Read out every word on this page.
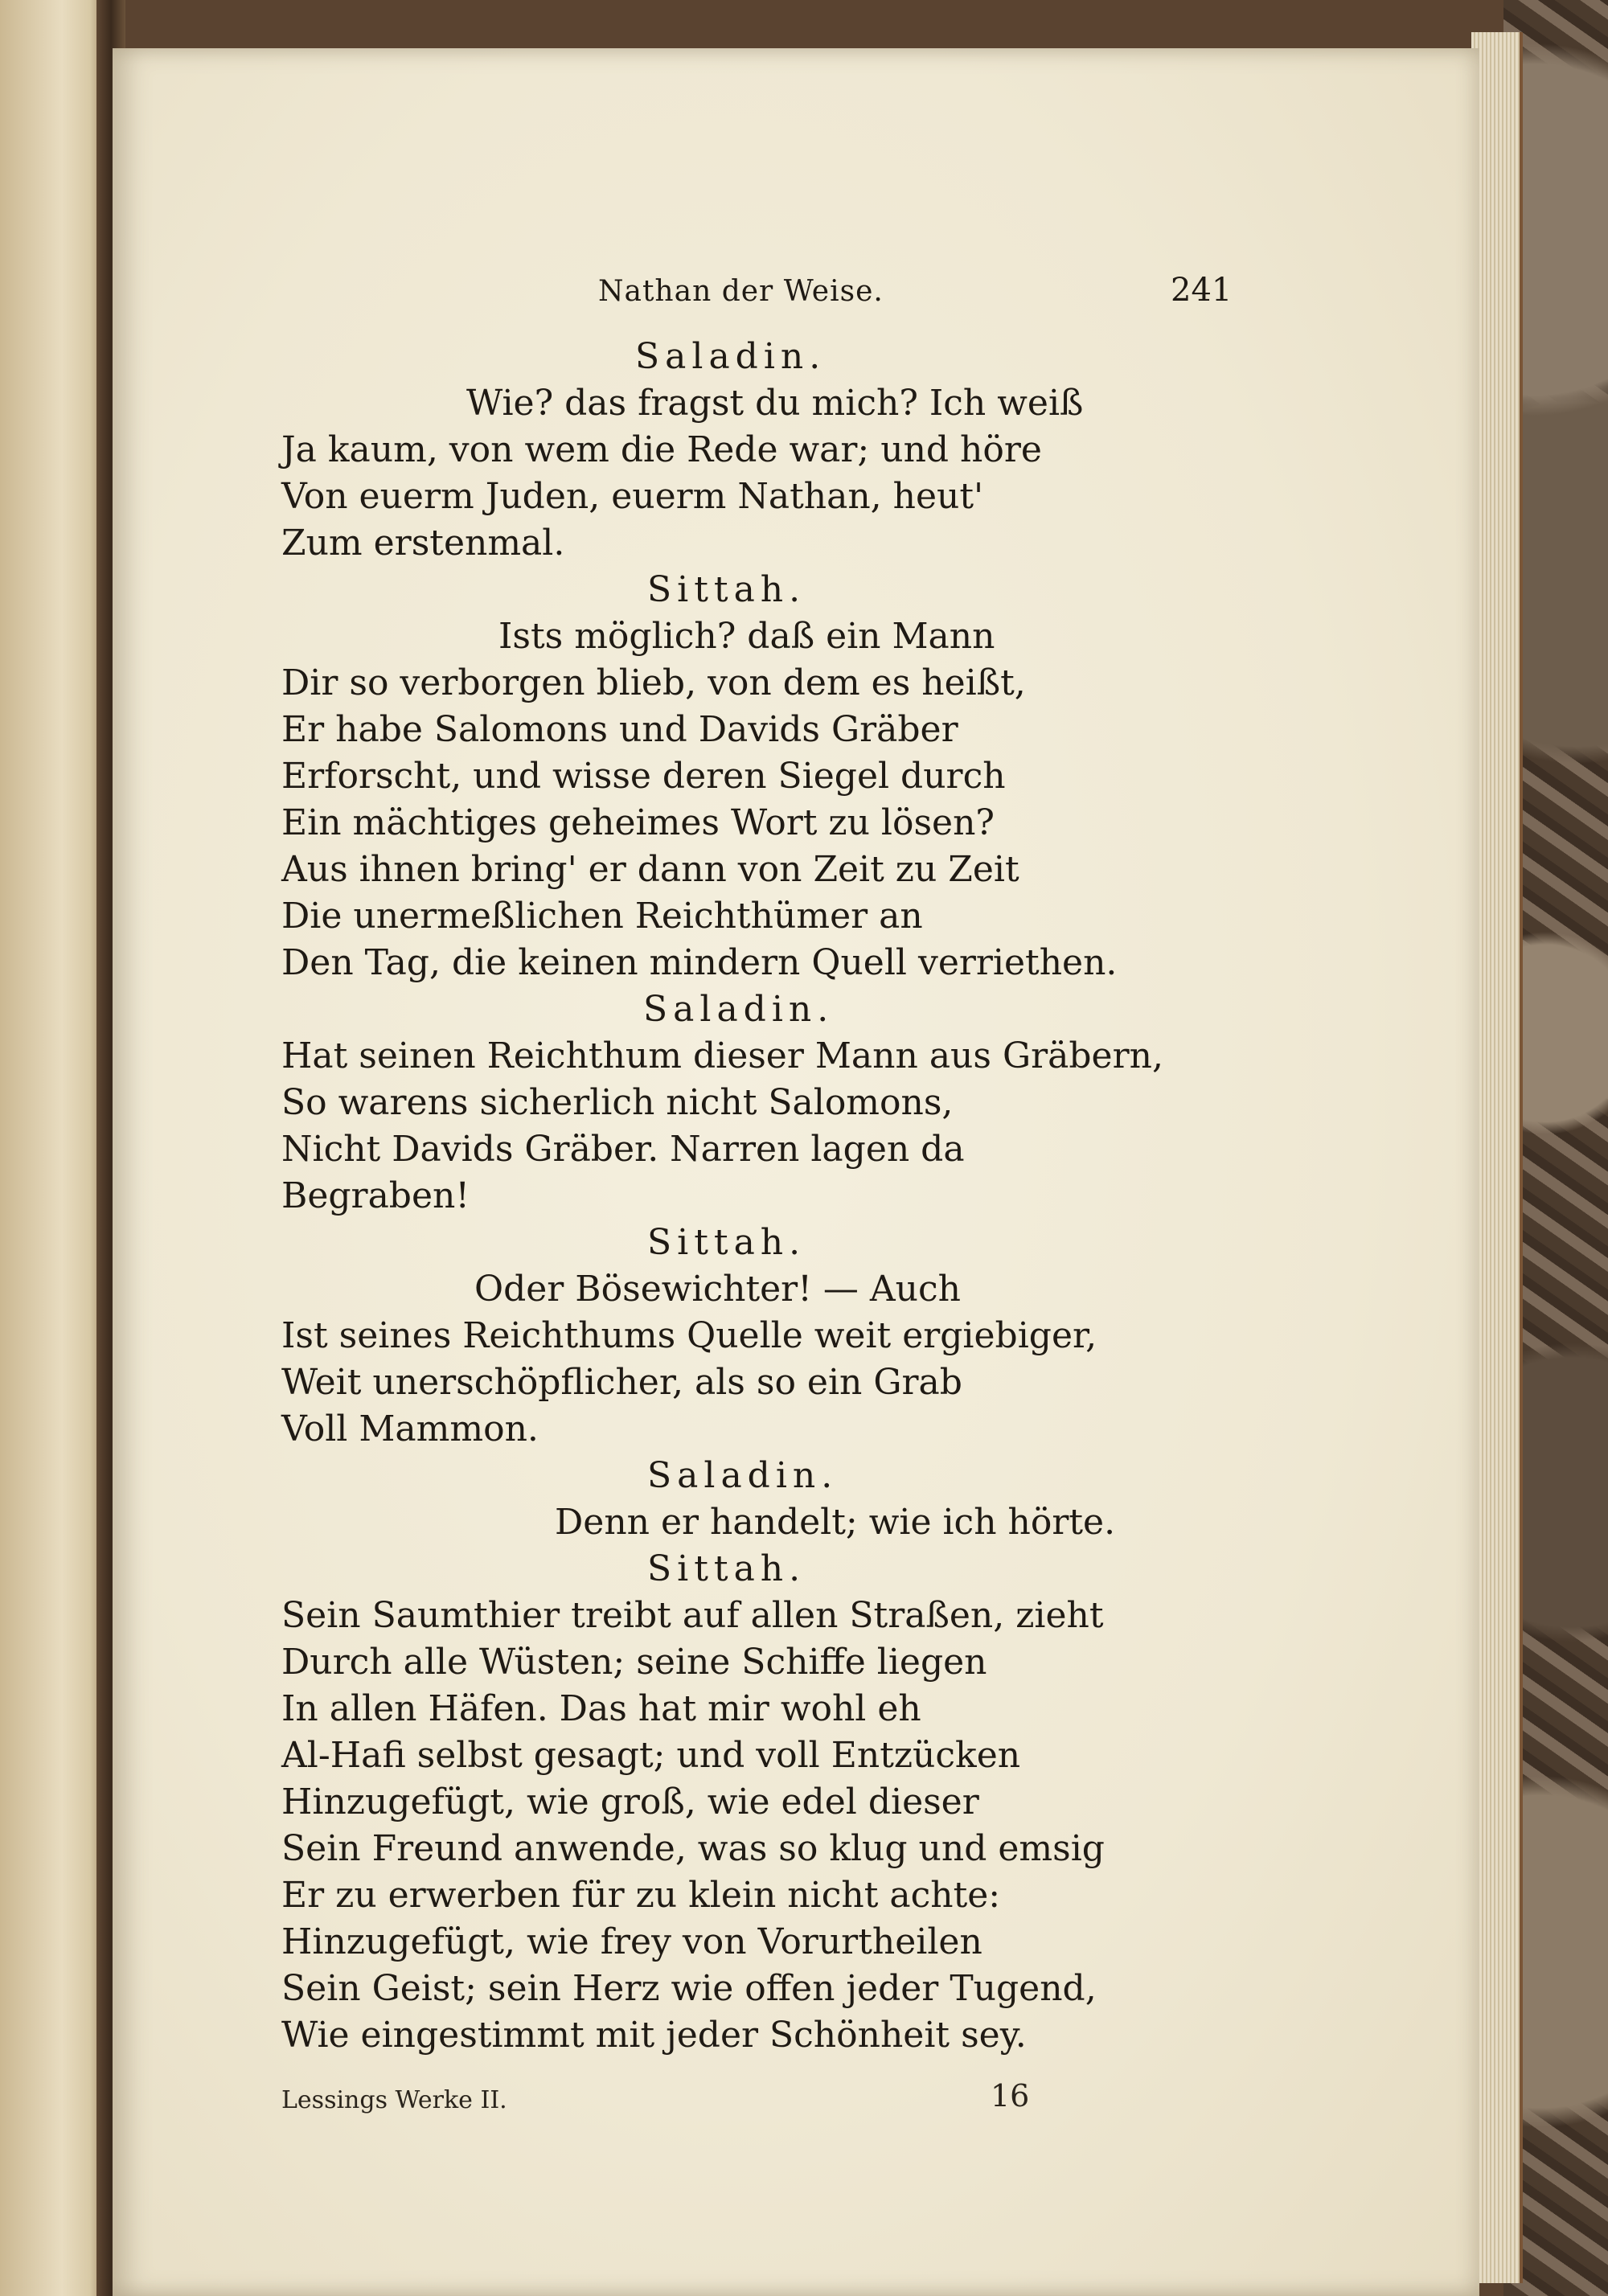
Nathan der Weise.	241
Saladin.
Wie? das fragst du mich? Ich weiß
Ja kaum, von wem die Rede war; und höre
Von euerm Juden, euerm Nathan, heut'
Zum erstenmal.
Sittah.
Ists möglich? daß ein Mann
Dir so verborgen blieb, von dem es heißt,
Er habe Salomons und Davids Gräber
Erforscht, und wisse deren Siegel durch
Ein mächtiges geheimes Wort zu lösen?
Aus ihnen bring' er dann von Zeit zu Zeit
Die unermeßlichen Reichthümer an
Den Tag, die keinen mindern Quell verriethen.
Saladin.
Hat seinen Reichthum dieser Mann aus Gräbern,
So warens sicherlich nicht Salomons,
Nicht Davids Gräber. Narren lagen da
Begraben!
Sittah.
Oder Bösewichter! — Auch
Ist seines Reichthums Quelle weit ergiebiger,
Weit unerschöpflicher, als so ein Grab
Voll Mammon.
Saladin.
Denn er handelt; wie ich hörte.
Sittah.
Sein Saumthier treibt auf allen Straßen, zieht
Durch alle Wüsten; seine Schiffe liegen
In allen Häfen. Das hat mir wohl eh
Al-Hafi selbst gesagt; und voll Entzücken
Hinzugefügt, wie groß, wie edel dieser
Sein Freund anwende, was so klug und emsig
Er zu erwerben für zu klein nicht achte:
Hinzugefügt, wie frey von Vorurtheilen
Sein Geist; sein Herz wie offen jeder Tugend,
Wie eingestimmt mit jeder Schönheit sey.
Lessings Werke II.	16
